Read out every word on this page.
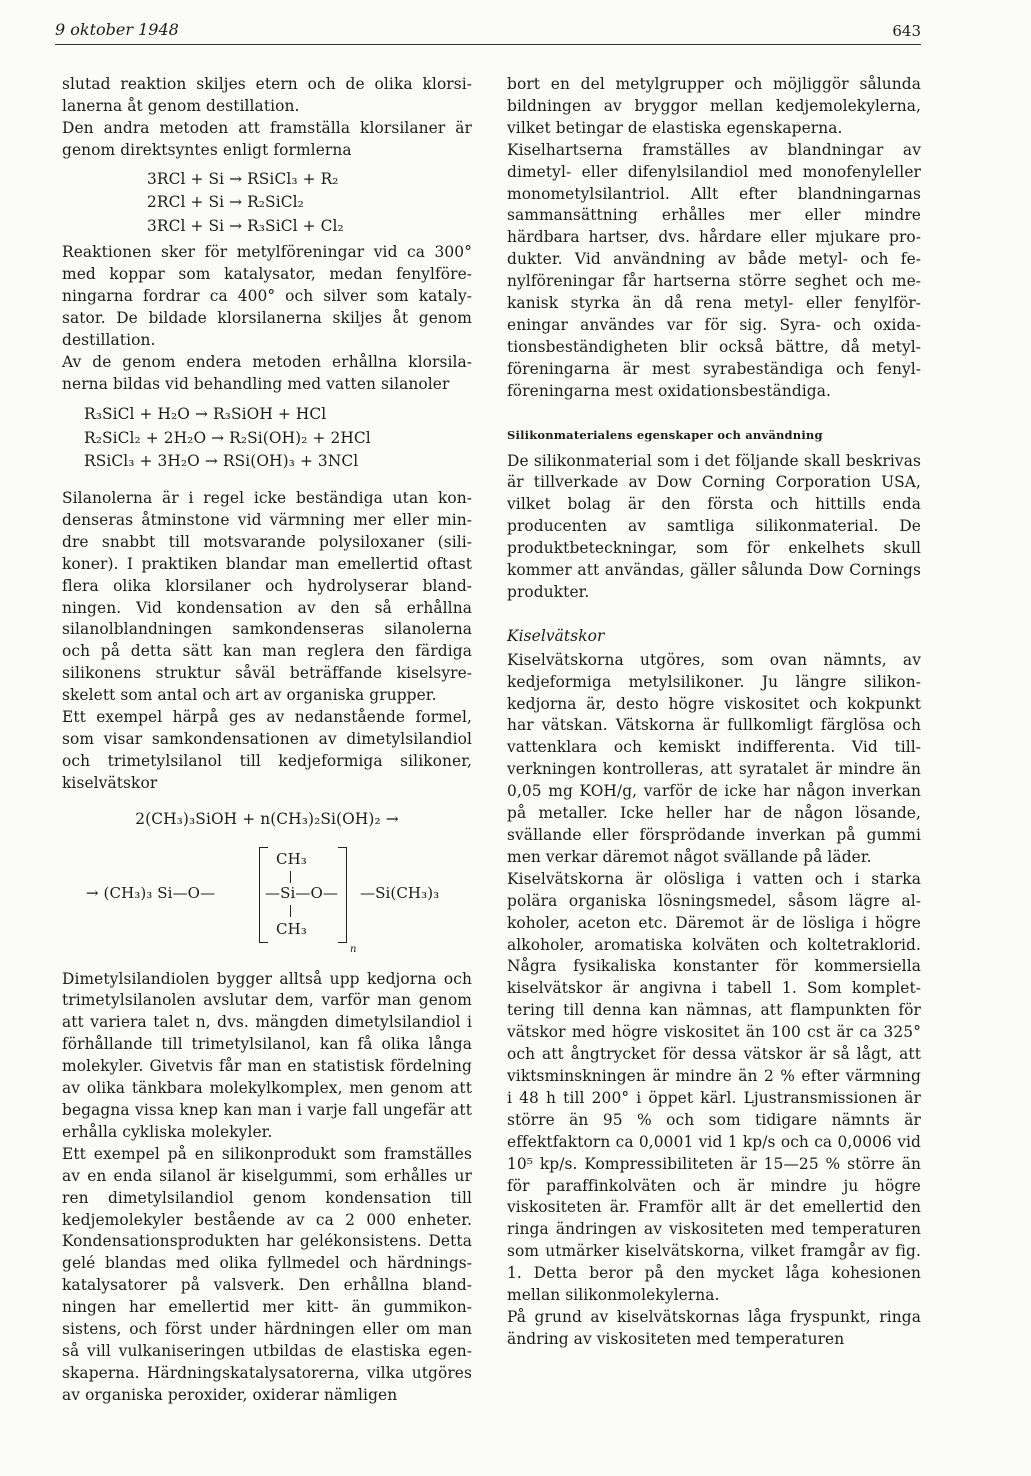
9 oktober 1948	643

slutad reaktion skiljes etern och de olika klorsilanerna åt genom destillation.

Den andra metoden att framställa klorsilaner är genom direktsyntes enligt formlerna

3RCl + Si → RSiCl₃ + R₂
2RCl + Si → R₂SiCl₂
3RCl + Si → R₃SiCl + Cl₂

Reaktionen sker för metylföreningar vid ca 300° med koppar som katalysator, medan fenylföreningarna fordrar ca 400° och silver som katalysator. De bildade klorsilanerna skiljes åt genom destillation.

Av de genom endera metoden erhållna klorsilanerna bildas vid behandling med vatten silanoler

R₃SiCl + H₂O → R₃SiOH + HCl
R₂SiCl₂ + 2H₂O → R₂Si(OH)₂ + 2HCl
RSiCl₃ + 3H₂O → RSi(OH)₃ + 3NCl

Silanolerna är i regel icke beständiga utan kondenseras åtminstone vid värmning mer eller mindre snabbt till motsvarande polysiloxaner (silikoner). I praktiken blandar man emellertid oftast flera olika klorsilaner och hydrolyserar blandningen. Vid kondensation av den så erhållna silanolblandningen samkondenseras silanolerna och på detta sätt kan man reglera den färdiga silikonens struktur såväl beträffande kiselsyreskelett som antal och art av organiska grupper.

Ett exempel härpå ges av nedanstående formel, som visar samkondensationen av dimetylsilandiol och trimetylsilanol till kedjeformiga silikoner, kiselvätskor

2(CH₃)₃SiOH + n(CH₃)₂Si(OH)₂ →
→ (CH₃)₃ Si—O—
CH₃
—Si—O—
CH₃
n
—Si(CH₃)₃

Dimetylsilandiolen bygger alltså upp kedjorna och trimetylsilanolen avslutar dem, varför man genom att variera talet n, dvs. mängden dimetylsilandiol i förhållande till trimetylsilanol, kan få olika långa molekyler. Givetvis får man en statistisk fördelning av olika tänkbara molekylkomplex, men genom att begagna vissa knep kan man i varje fall ungefär att erhålla cykliska molekyler.

Ett exempel på en silikonprodukt som framställes av en enda silanol är kiselgummi, som erhålles ur ren dimetylsilandiol genom kondensation till kedjemolekyler bestående av ca 2 000 enheter. Kondensationsprodukten har gelékonsistens. Detta gelé blandas med olika fyllmedel och härdningskatalysatorer på valsverk. Den erhållna blandningen har emellertid mer kitt- än gummikonsistens, och först under härdningen eller om man så vill vulkaniseringen utbildas de elastiska egenskaperna. Härdningskatalysatorerna, vilka utgöres av organiska peroxider, oxiderar nämligen

bort en del metylgrupper och möjliggör sålunda bildningen av bryggor mellan kedjemolekylerna, vilket betingar de elastiska egenskaperna.

Kiselhartserna framställes av blandningar av dimetyl- eller difenylsilandiol med monofenyleller monometylsilantriol. Allt efter blandningarnas sammansättning erhålles mer eller mindre härdbara hartser, dvs. hårdare eller mjukare produkter. Vid användning av både metyl- och fenylföreningar får hartserna större seghet och mekanisk styrka än då rena metyl- eller fenylföreningar användes var för sig. Syra- och oxidationsbeständigheten blir också bättre, då metylföreningarna är mest syrabeständiga och fenylföreningarna mest oxidationsbeständiga.

Silikonmaterialens egenskaper och användning

De silikonmaterial som i det följande skall beskrivas är tillverkade av Dow Corning Corporation USA, vilket bolag är den första och hittills enda producenten av samtliga silikonmaterial. De produktbeteckningar, som för enkelhets skull kommer att användas, gäller sålunda Dow Cornings produkter.

Kiselvätskor

Kiselvätskorna utgöres, som ovan nämnts, av kedjeformiga metylsilikoner. Ju längre silikonkedjorna är, desto högre viskositet och kokpunkt har vätskan. Vätskorna är fullkomligt färglösa och vattenklara och kemiskt indifferenta. Vid tillverkningen kontrolleras, att syratalet är mindre än 0,05 mg KOH/g, varför de icke har någon inverkan på metaller. Icke heller har de någon lösande, svällande eller försprödande inverkan på gummi men verkar däremot något svällande på läder.

Kiselvätskorna är olösliga i vatten och i starka polära organiska lösningsmedel, såsom lägre alkoholer, aceton etc. Däremot är de lösliga i högre alkoholer, aromatiska kolväten och koltetraklorid. Några fysikaliska konstanter för kommersiella kiselvätskor är angivna i tabell 1. Som komplettering till denna kan nämnas, att flampunkten för vätskor med högre viskositet än 100 cst är ca 325° och att ångtrycket för dessa vätskor är så lågt, att viktsminskningen är mindre än 2 % efter värmning i 48 h till 200° i öppet kärl. Ljustransmissionen är större än 95 % och som tidigare nämnts är effektfaktorn ca 0,0001 vid 1 kp/s och ca 0,0006 vid 10⁵ kp/s. Kompressibiliteten är 15—25 % större än för paraffinkolväten och är mindre ju högre viskositeten är. Framför allt är det emellertid den ringa ändringen av viskositeten med temperaturen som utmärker kiselvätskorna, vilket framgår av fig. 1. Detta beror på den mycket låga kohesionen mellan silikonmolekylerna.

På grund av kiselvätskornas låga fryspunkt, ringa ändring av viskositeten med temperaturen
